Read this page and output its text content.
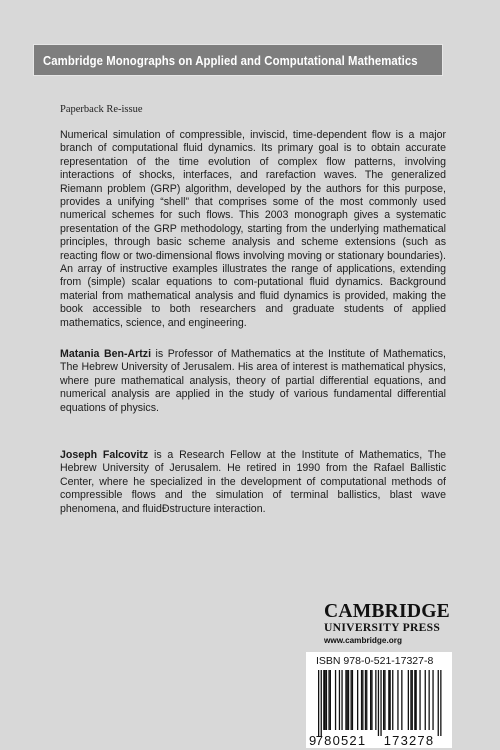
Cambridge Monographs on Applied and Computational Mathematics
Paperback Re-issue

Numerical simulation of compressible, inviscid, time-dependent flow is a major branch of computational fluid dynamics. Its primary goal is to obtain accurate representation of the time evolution of complex flow patterns, involving interactions of shocks, interfaces, and rarefaction waves. The generalized Riemann problem (GRP) algorithm, developed by the authors for this purpose, provides a unifying “shell” that comprises some of the most commonly used numerical schemes for such flows. This 2003 monograph gives a systematic presentation of the GRP methodology, starting from the underlying mathematical principles, through basic scheme analysis and scheme extensions (such as reacting flow or two-dimensional flows involving moving or stationary boundaries). An array of instructive examples illustrates the range of applications, extending from (simple) scalar equations to com-putational fluid dynamics. Background material from mathematical analysis and fluid dynamics is provided, making the book accessible to both researchers and graduate students of applied mathematics, science, and engineering.

Matania Ben-Artzi is Professor of Mathematics at the Institute of Mathematics, The Hebrew University of Jerusalem. His area of interest is mathematical physics, where pure mathematical analysis, theory of partial differential equations, and numerical analysis are applied in the study of various fundamental differential equations of physics.

Joseph Falcovitz is a Research Fellow at the Institute of Mathematics, The Hebrew University of Jerusalem. He retired in 1990 from the Rafael Ballistic Center, where he specialized in the development of computational methods of compressible flows and the simulation of terminal ballistics, blast wave phenomena, and fluidĐstructure interaction.

CAMBRIDGE
UNIVERSITY PRESS
www.cambridge.org
ISBN 978-0-521-17327-8
9 780521 173278
